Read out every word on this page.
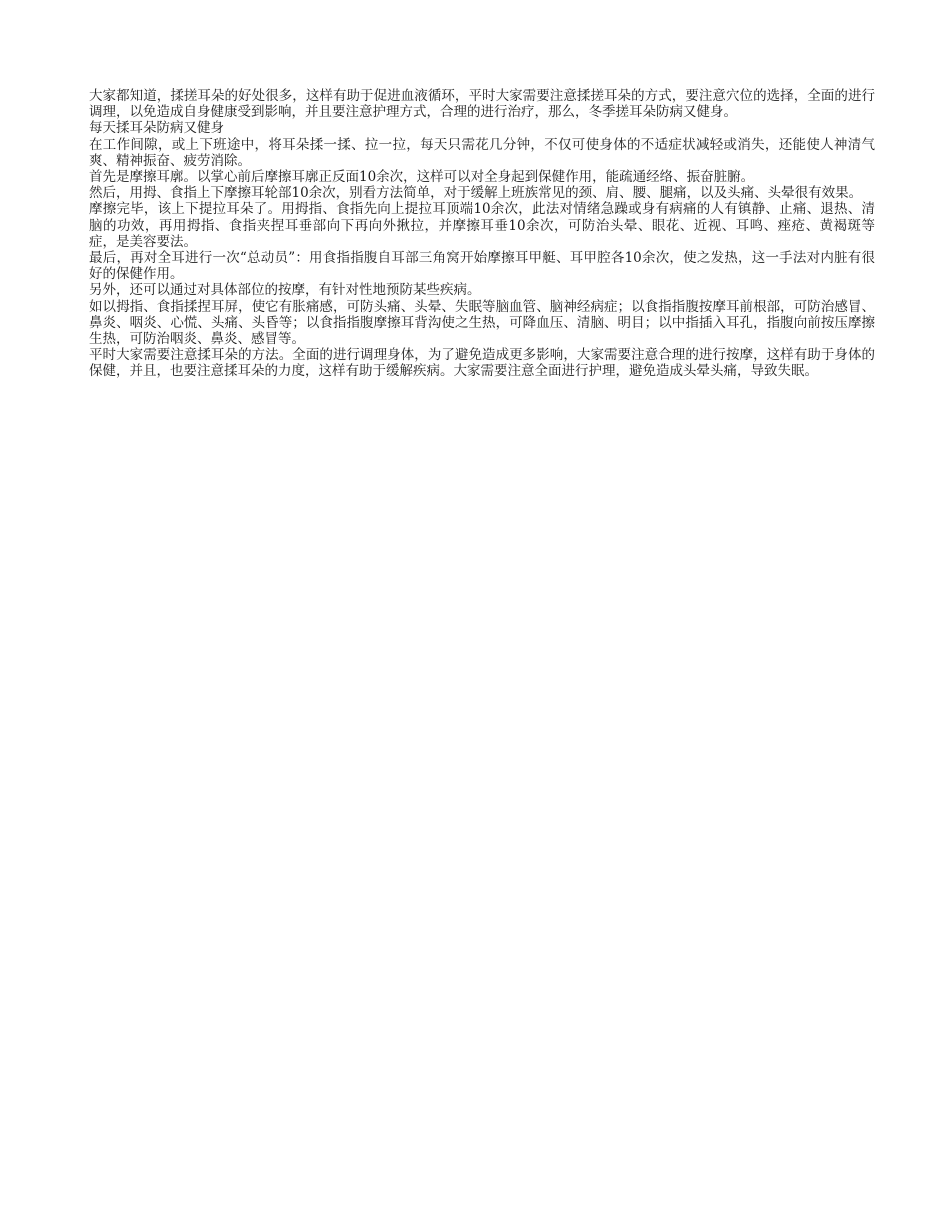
大家都知道，揉搓耳朵的好处很多，这样有助于促进血液循环，平时大家需要注意揉搓耳朵的方式，要注意穴位的选择，全面的进行调理，以免造成自身健康受到影响，并且要注意护理方式，合理的进行治疗，那么，冬季搓耳朵防病又健身。

每天揉耳朵防病又健身

在工作间隙，或上下班途中，将耳朵揉一揉、拉一拉，每天只需花几分钟，不仅可使身体的不适症状减轻或消失，还能使人神清气爽、精神振奋、疲劳消除。

首先是摩擦耳廓。以掌心前后摩擦耳廓正反面10余次，这样可以对全身起到保健作用，能疏通经络、振奋脏腑。

然后，用拇、食指上下摩擦耳轮部10余次，别看方法简单，对于缓解上班族常见的颈、肩、腰、腿痛，以及头痛、头晕很有效果。

摩擦完毕，该上下提拉耳朵了。用拇指、食指先向上提拉耳顶端10余次，此法对情绪急躁或身有病痛的人有镇静、止痛、退热、清脑的功效，再用拇指、食指夹捏耳垂部向下再向外揪拉，并摩擦耳垂10余次，可防治头晕、眼花、近视、耳鸣、痤疮、黄褐斑等症，是美容要法。

最后，再对全耳进行一次“总动员”：用食指指腹自耳部三角窝开始摩擦耳甲艇、耳甲腔各10余次，使之发热，这一手法对内脏有很好的保健作用。

另外，还可以通过对具体部位的按摩，有针对性地预防某些疾病。

如以拇指、食指揉捏耳屏，使它有胀痛感，可防头痛、头晕、失眠等脑血管、脑神经病症；以食指指腹按摩耳前根部，可防治感冒、鼻炎、咽炎、心慌、头痛、头昏等；以食指指腹摩擦耳背沟使之生热，可降血压、清脑、明目；以中指插入耳孔，指腹向前按压摩擦生热，可防治咽炎、鼻炎、感冒等。

平时大家需要注意揉耳朵的方法。全面的进行调理身体，为了避免造成更多影响，大家需要注意合理的进行按摩，这样有助于身体的保健，并且，也要注意揉耳朵的力度，这样有助于缓解疾病。大家需要注意全面进行护理，避免造成头晕头痛，导致失眠。
